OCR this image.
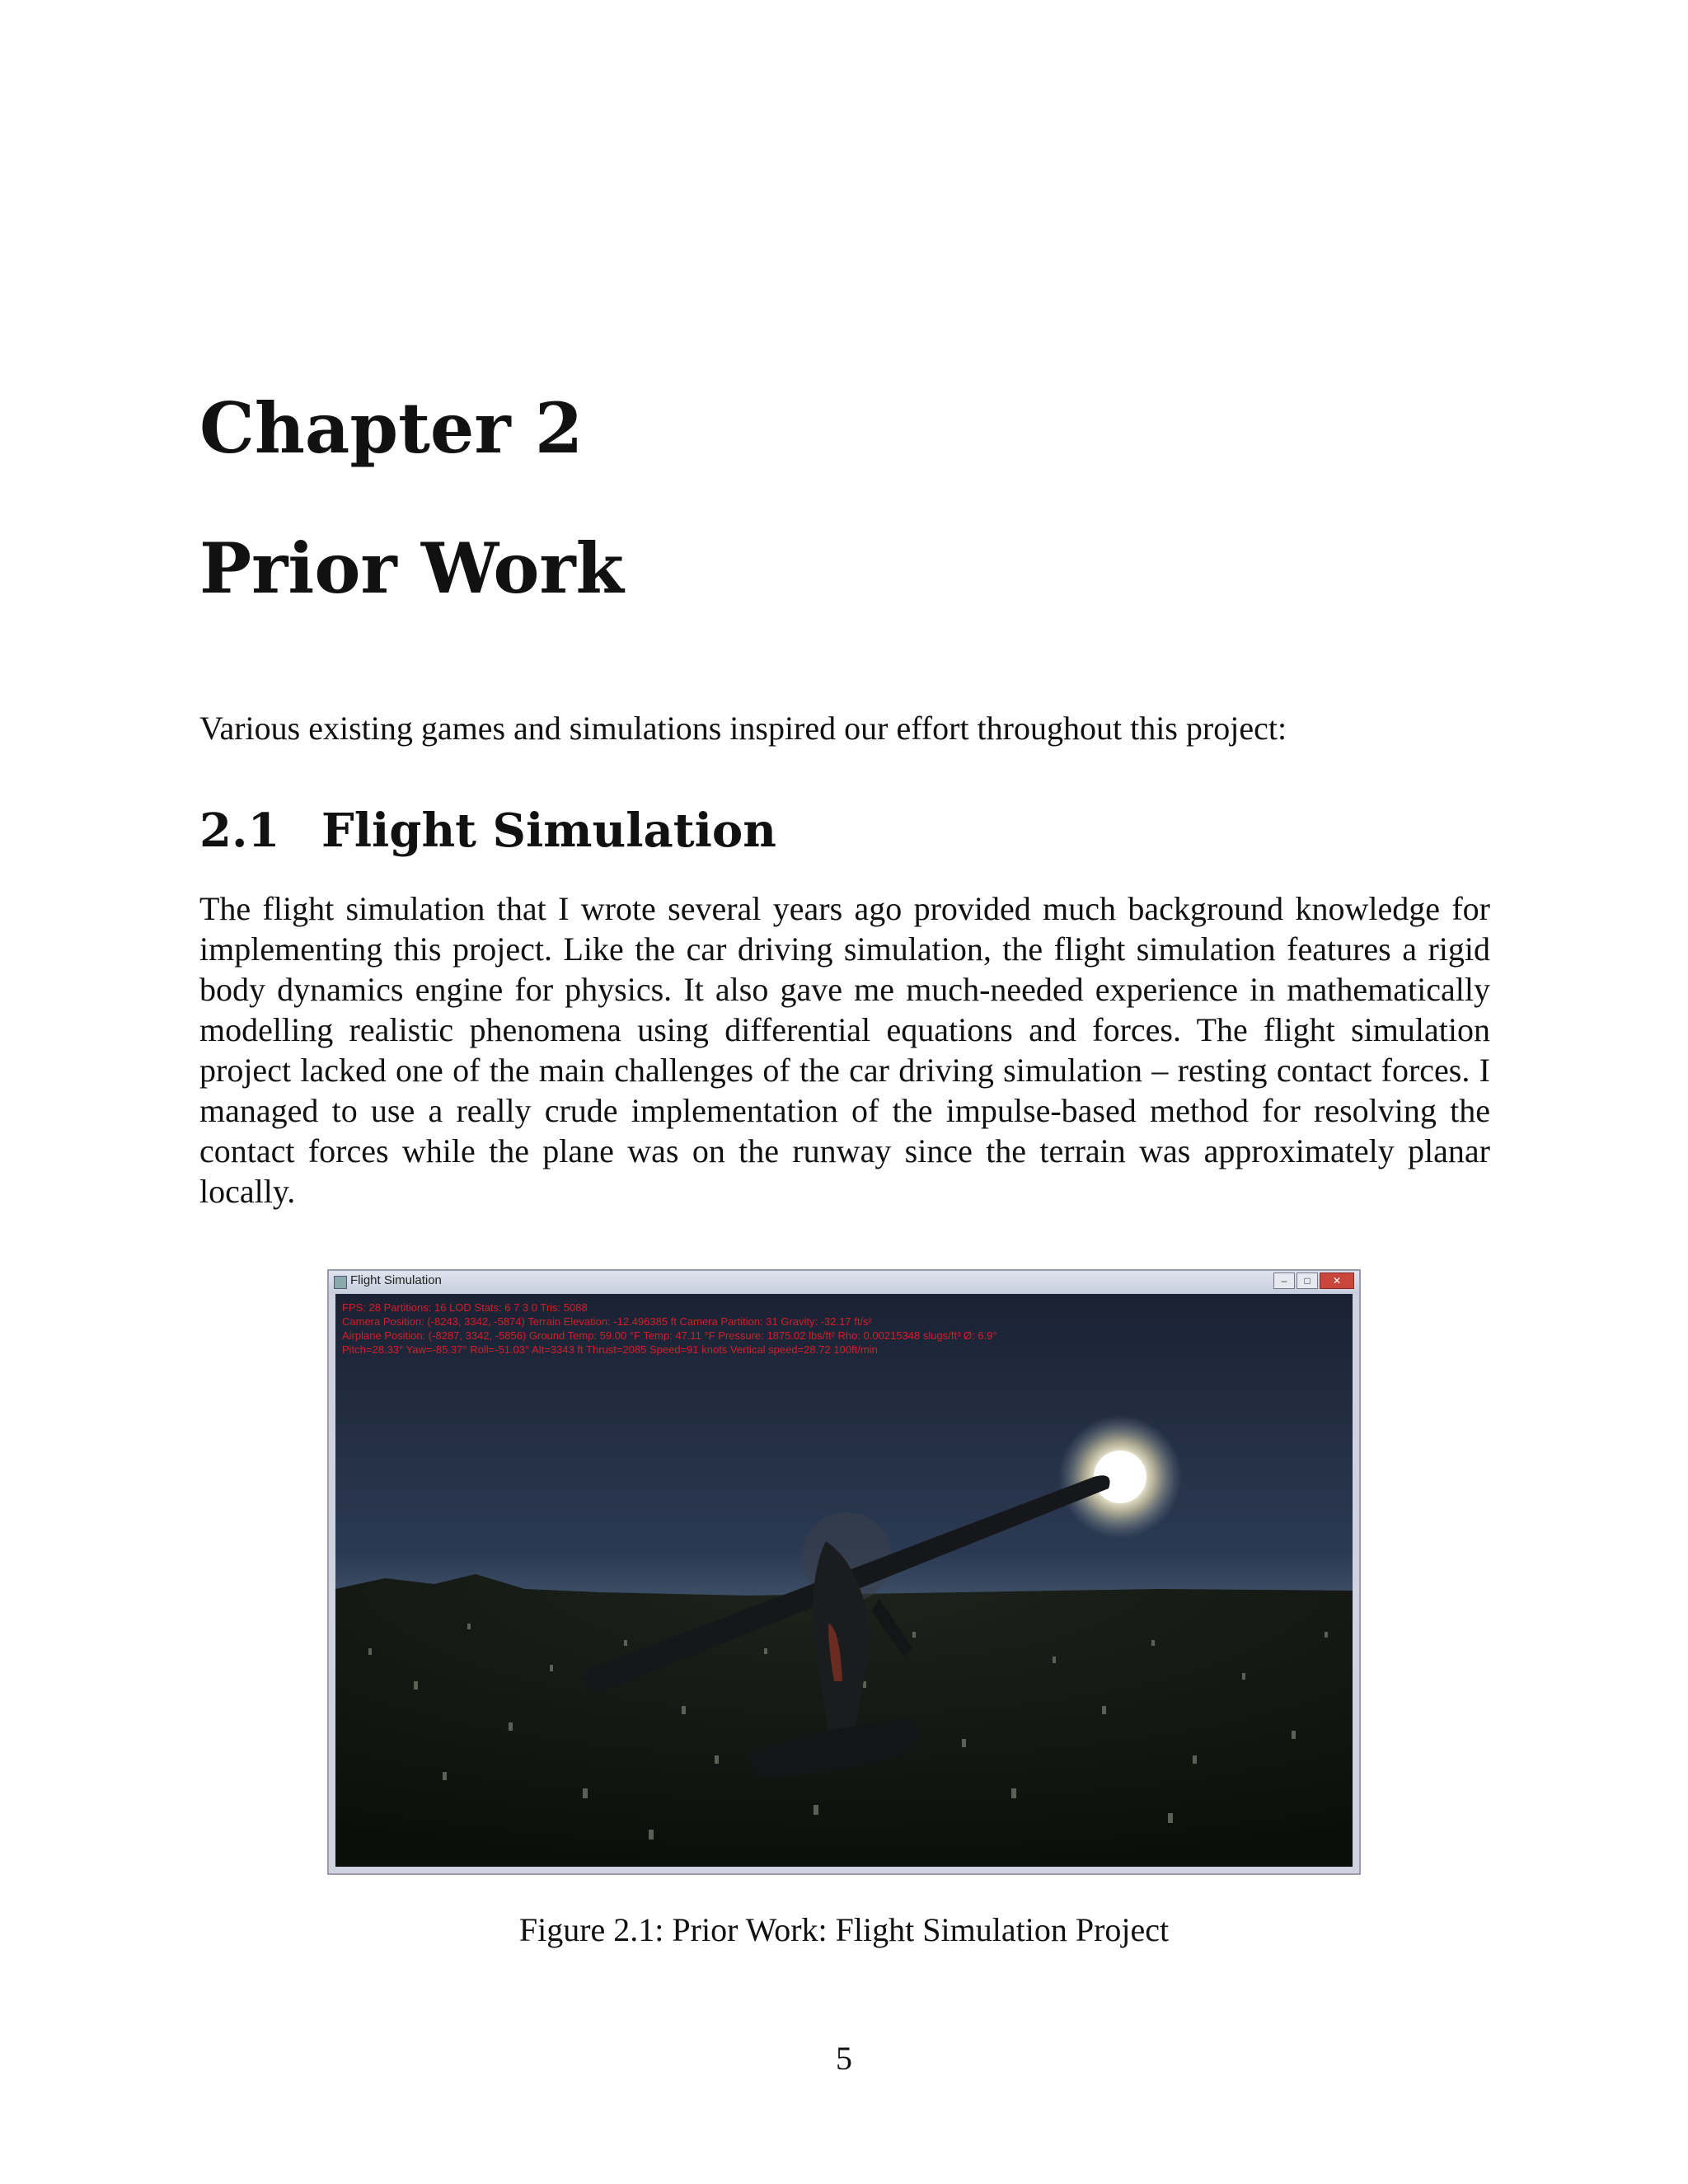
Chapter 2
Prior Work

Various existing games and simulations inspired our effort throughout this project:

2.1 Flight Simulation

The flight simulation that I wrote several years ago provided much background knowledge for implementing this project. Like the car driving simulation, the flight simulation features a rigid body dynamics engine for physics. It also gave me much-needed experience in mathematically modelling realistic phenomena using differential equations and forces. The flight simulation project lacked one of the main challenges of the car driving simulation – resting contact forces. I managed to use a really crude implementation of the impulse-based method for resolving the contact forces while the plane was on the runway since the terrain was approximately planar locally.

Flight Simulation	–	□	✕
FPS: 28 Partitions: 16 LOD Stats: 6 7 3 0 Tris: 5088
Camera Position: (-8243, 3342, -5874) Terrain Elevation: -12.496385 ft Camera Partition: 31 Gravity: -32.17 ft/s²
Airplane Position: (-8287, 3342, -5856) Ground Temp: 59.00 °F Temp: 47.11 °F Pressure: 1875.02 lbs/ft² Rho: 0.00215348 slugs/ft³ Ø: 6.9°
Pitch=28.33° Yaw=-85.37° Roll=-51.03° Alt=3343 ft Thrust=2085 Speed=91 knots Vertical speed=28.72 100ft/min

Figure 2.1: Prior Work: Flight Simulation Project

5
